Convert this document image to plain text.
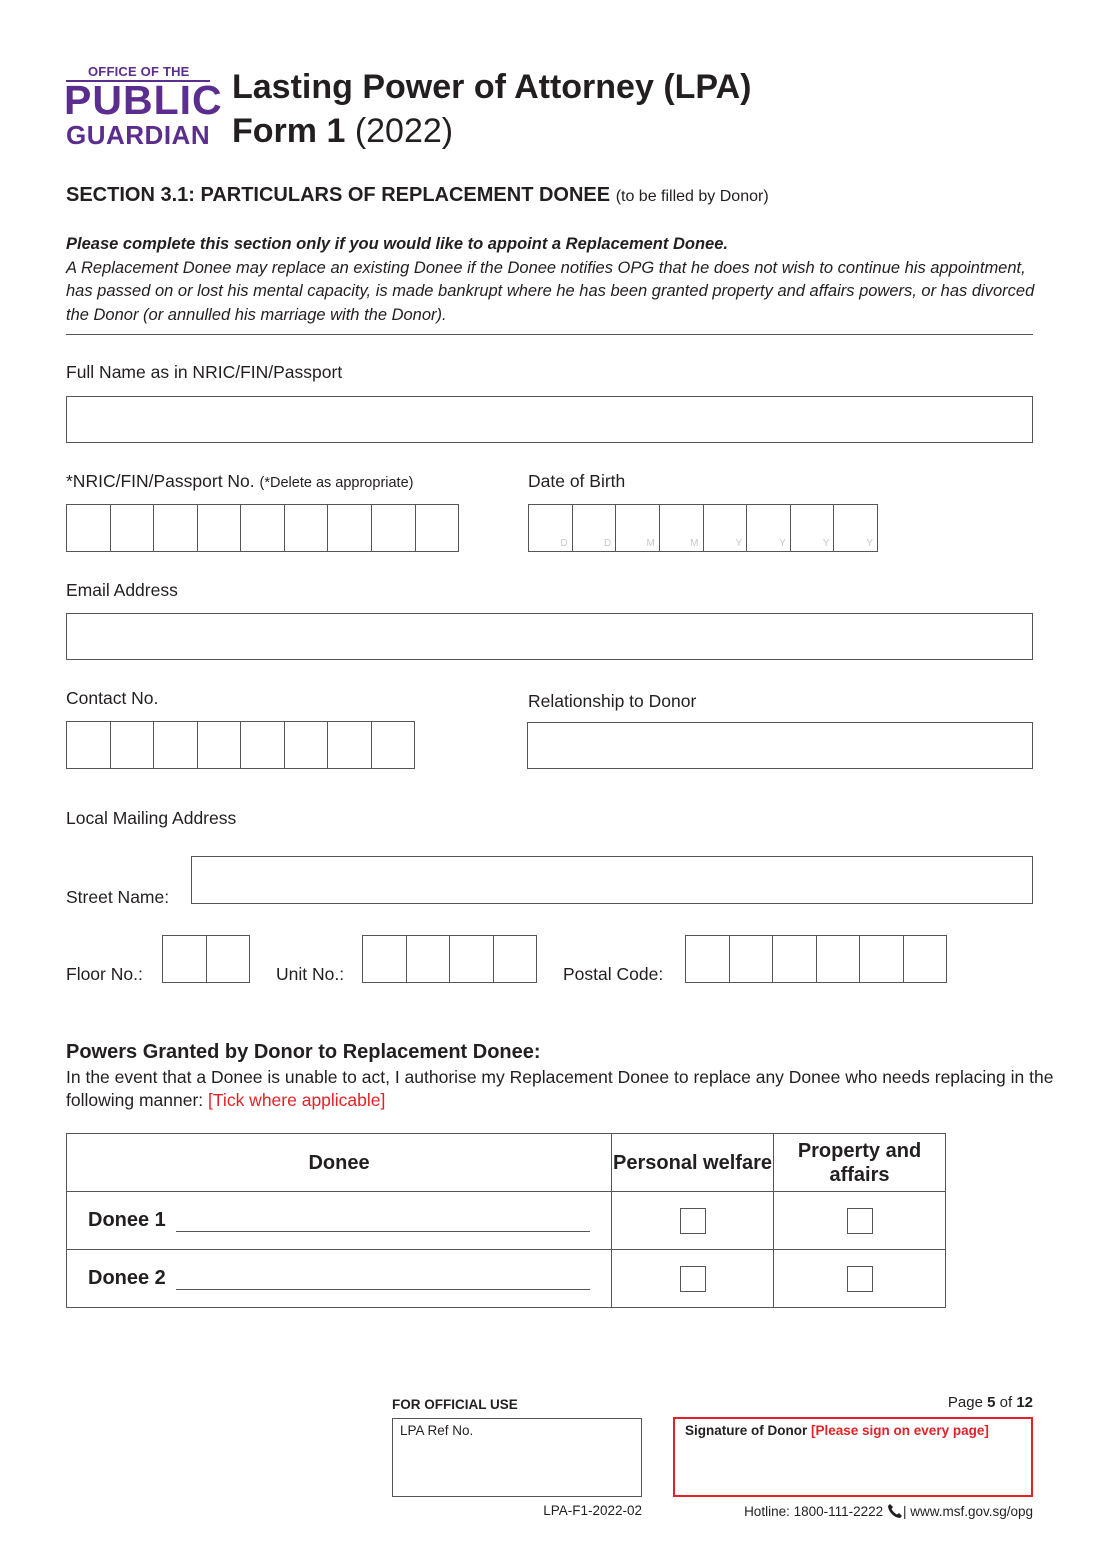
OFFICE OF THE
PUBLIC
GUARDIAN
Lasting Power of Attorney (LPA)
Form 1 (2022)
SECTION 3.1: PARTICULARS OF REPLACEMENT DONEE (to be filled by Donor)
Please complete this section only if you would like to appoint a Replacement Donee.
A Replacement Donee may replace an existing Donee if the Donee notifies OPG that he does not wish to continue his appointment, has passed on or lost his mental capacity, is made bankrupt where he has been granted property and affairs powers, or has divorced the Donor (or annulled his marriage with the Donor).
Full Name as in NRIC/FIN/Passport
*NRIC/FIN/Passport No. (*Delete as appropriate)	Date of Birth
D	D	M	M	Y	Y	Y	Y
Email Address
Contact No.	Relationship to Donor
Local Mailing Address
Street Name:
Floor No.:	Unit No.:	Postal Code:
Powers Granted by Donor to Replacement Donee:
In the event that a Donee is unable to act, I authorise my Replacement Donee to replace any Donee who needs replacing in the following manner: [Tick where applicable]
Donee	Personal welfare	Property and affairs
Donee 1	

Donee 2	

FOR OFFICIAL USE
LPA Ref No.
Page 5 of 12
Signature of Donor [Please sign on every page]
LPA-F1-2022-02	Hotline: 1800-111-2222 | www.msf.gov.sg/opg
